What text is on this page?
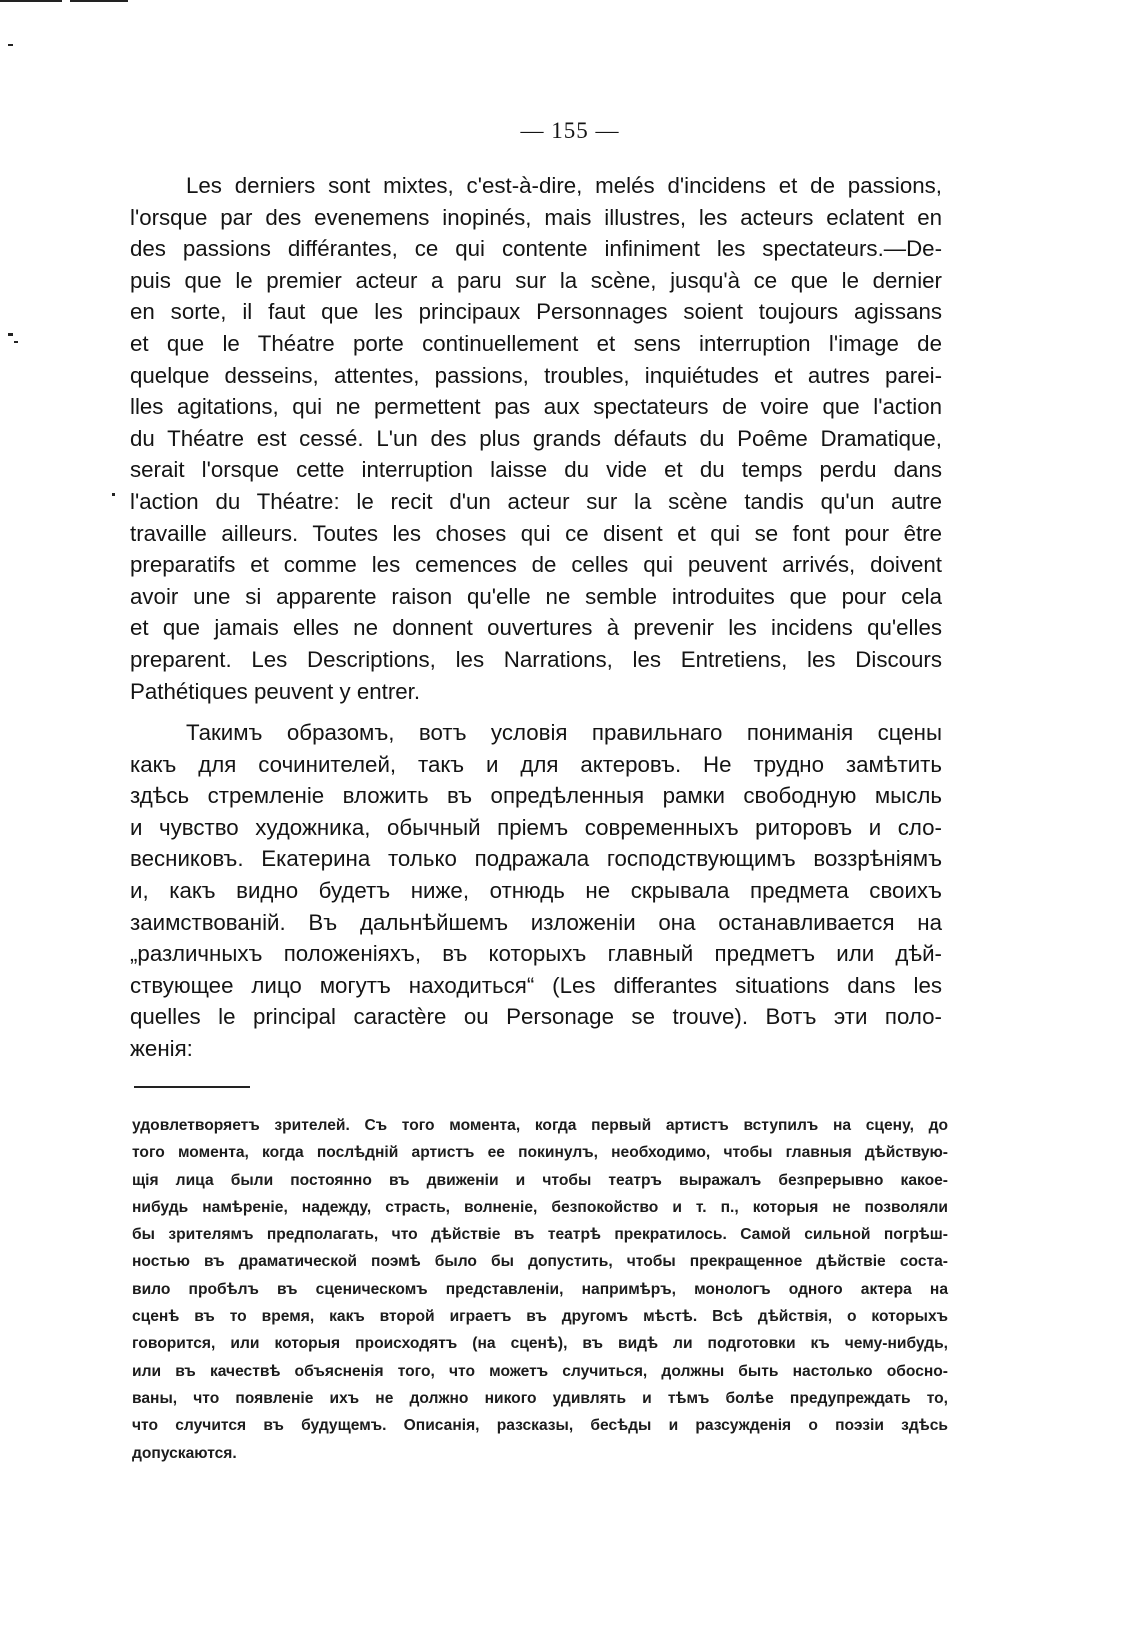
— 155 —
Les derniers sont mixtes, c'est-à-dire, melés d'incidens et de passions,
l'orsque par des evenemens inopinés, mais illustres, les acteurs eclatent en
des passions différantes, ce qui contente infiniment les spectateurs.—De-
puis que le premier acteur a paru sur la scène, jusqu'à ce que le dernier
en sorte, il faut que les principaux Personnages soient toujours agissans
et que le Théatre porte continuellement et sens interruption l'image de
quelque desseins, attentes, passions, troubles, inquiétudes et autres parei-
lles agitations, qui ne permettent pas aux spectateurs de voire que l'action
du Théatre est cessé. L'un des plus grands défauts du Poême Dramatique,
serait l'orsque cette interruption laisse du vide et du temps perdu dans
l'action du Théatre: le recit d'un acteur sur la scène tandis qu'un autre
travaille ailleurs. Toutes les choses qui ce disent et qui se font pour être
preparatifs et comme les cemences de celles qui peuvent arrivés, doivent
avoir une si apparente raison qu'elle ne semble introduites que pour cela
et que jamais elles ne donnent ouvertures à prevenir les incidens qu'elles
preparent. Les Descriptions, les Narrations, les Entretiens, les Discours
Pathétiques peuvent y entrer.
Такимъ образомъ, вотъ условія правильнаго пониманія сцены
какъ для сочинителей, такъ и для актеровъ. Не трудно замѣтить
здѣсь стремленіе вложить въ опредѣленныя рамки свободную мысль
и чувство художника, обычный пріемъ современныхъ риторовъ и сло-
весниковъ. Екатерина только подражала господствующимъ воззрѣніямъ
и, какъ видно будетъ ниже, отнюдь не скрывала предмета своихъ
заимствованій. Въ дальнѣйшемъ изложеніи она останавливается на
„различныхъ положеніяхъ, въ которыхъ главный предметъ или дѣй-
ствующее лицо могутъ находиться“ (Les differantes situations dans les
quelles le principal caractère ou Personage se trouve). Вотъ эти поло-
женія:
удовлетворяетъ зрителей. Съ того момента, когда первый артистъ вступилъ на сцену, до
того момента, когда послѣдній артистъ ее покинулъ, необходимо, чтобы главныя дѣйствую-
щія лица были постоянно въ движеніи и чтобы театръ выражалъ безпрерывно какое-
нибудь намѣреніе, надежду, страсть, волненіе, безпокойство и т. п., которыя не позволяли
бы зрителямъ предполагать, что дѣйствіе въ театрѣ прекратилось. Самой сильной погрѣш-
ностью въ драматической поэмѣ было бы допустить, чтобы прекращенное дѣйствіе соста-
вило пробѣлъ въ сценическомъ представленіи, напримѣръ, монологъ одного актера на
сценѣ въ то время, какъ второй играетъ въ другомъ мѣстѣ. Всѣ дѣйствія, о которыхъ
говорится, или которыя происходятъ (на сценѣ), въ видѣ ли подготовки къ чему-нибудь,
или въ качествѣ объясненія того, что можетъ случиться, должны быть настолько обосно-
ваны, что появленіе ихъ не должно никого удивлять и тѣмъ болѣе предупреждать то,
что случится въ будущемъ. Описанія, разсказы, бесѣды и разсужденія о поэзіи здѣсь
допускаются.
